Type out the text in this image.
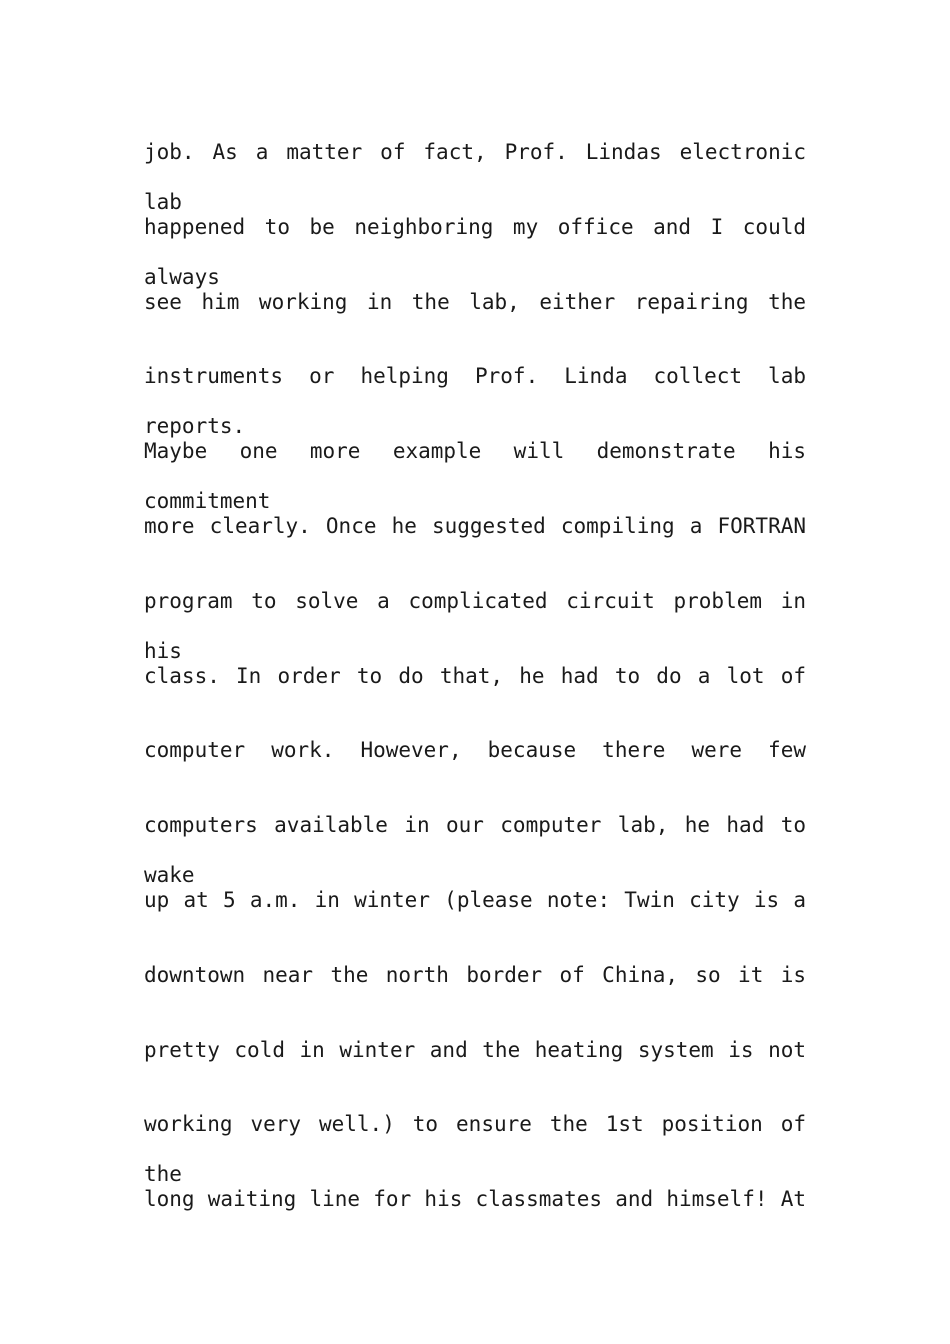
job. As a matter of fact, Prof. Lindas electronic lab
happened to be neighboring my office and I could always
see him working in the lab, either repairing the
instruments or helping Prof. Linda collect lab reports.
Maybe one more example will demonstrate his commitment
more clearly. Once he suggested compiling a FORTRAN
program to solve a complicated circuit problem in his
class. In order to do that, he had to do a lot of
computer work. However, because there were few
computers available in our computer lab, he had to wake
up at 5 a.m. in winter (please note: Twin city is a
downtown near the north border of China, so it is
pretty cold in winter and the heating system is not
working very well.) to ensure the 1st position of the
long waiting line for his classmates and himself! At
